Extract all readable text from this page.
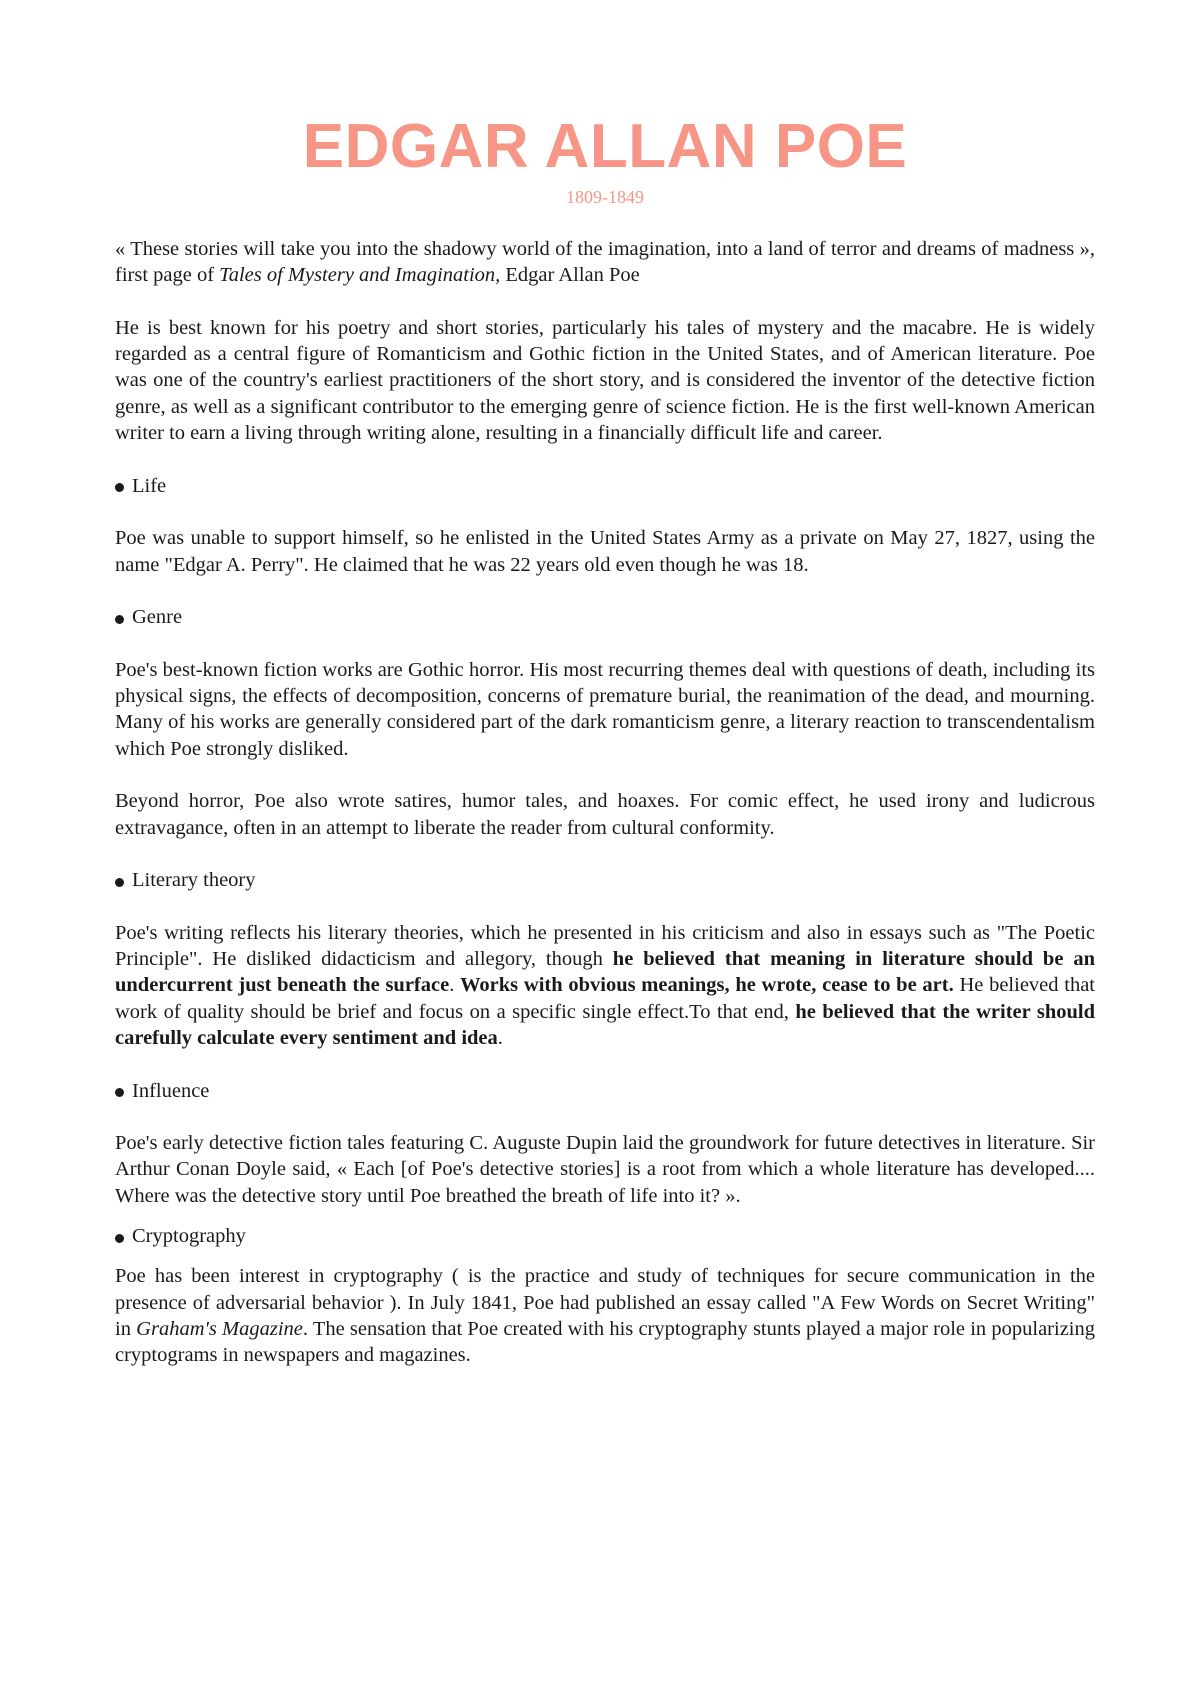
EDGAR ALLAN POE
1809-1849

« These stories will take you into the shadowy world of the imagination, into a land of terror and dreams of madness », first page of Tales of Mystery and Imagination, Edgar Allan Poe

He is best known for his poetry and short stories, particularly his tales of mystery and the macabre. He is widely regarded as a central figure of Romanticism and Gothic fiction in the United States, and of American literature. Poe was one of the country's earliest practitioners of the short story, and is considered the inventor of the detective fiction genre, as well as a significant contributor to the emerging genre of science fiction. He is the first well-known American writer to earn a living through writing alone, resulting in a financially difficult life and career.

Life

Poe was unable to support himself, so he enlisted in the United States Army as a private on May 27, 1827, using the name "Edgar A. Perry". He claimed that he was 22 years old even though he was 18.

Genre

Poe's best-known fiction works are Gothic horror. His most recurring themes deal with questions of death, including its physical signs, the effects of decomposition, concerns of premature burial, the reanimation of the dead, and mourning. Many of his works are generally considered part of the dark romanticism genre, a literary reaction to transcendentalism which Poe strongly disliked.

Beyond horror, Poe also wrote satires, humor tales, and hoaxes. For comic effect, he used irony and ludicrous extravagance, often in an attempt to liberate the reader from cultural conformity.

Literary theory

Poe's writing reflects his literary theories, which he presented in his criticism and also in essays such as "The Poetic Principle". He disliked didacticism and allegory, though he believed that meaning in literature should be an undercurrent just beneath the surface. Works with obvious meanings, he wrote, cease to be art. He believed that work of quality should be brief and focus on a specific single effect.To that end, he believed that the writer should carefully calculate every sentiment and idea.

Influence

Poe's early detective fiction tales featuring C. Auguste Dupin laid the groundwork for future detectives in literature. Sir Arthur Conan Doyle said, « Each [of Poe's detective stories] is a root from which a whole literature has developed.... Where was the detective story until Poe breathed the breath of life into it? ».

Cryptography

Poe has been interest in cryptography ( is the practice and study of techniques for secure communication in the presence of adversarial behavior ). In July 1841, Poe had published an essay called "A Few Words on Secret Writing" in Graham's Magazine. The sensation that Poe created with his cryptography stunts played a major role in popularizing cryptograms in newspapers and magazines.
